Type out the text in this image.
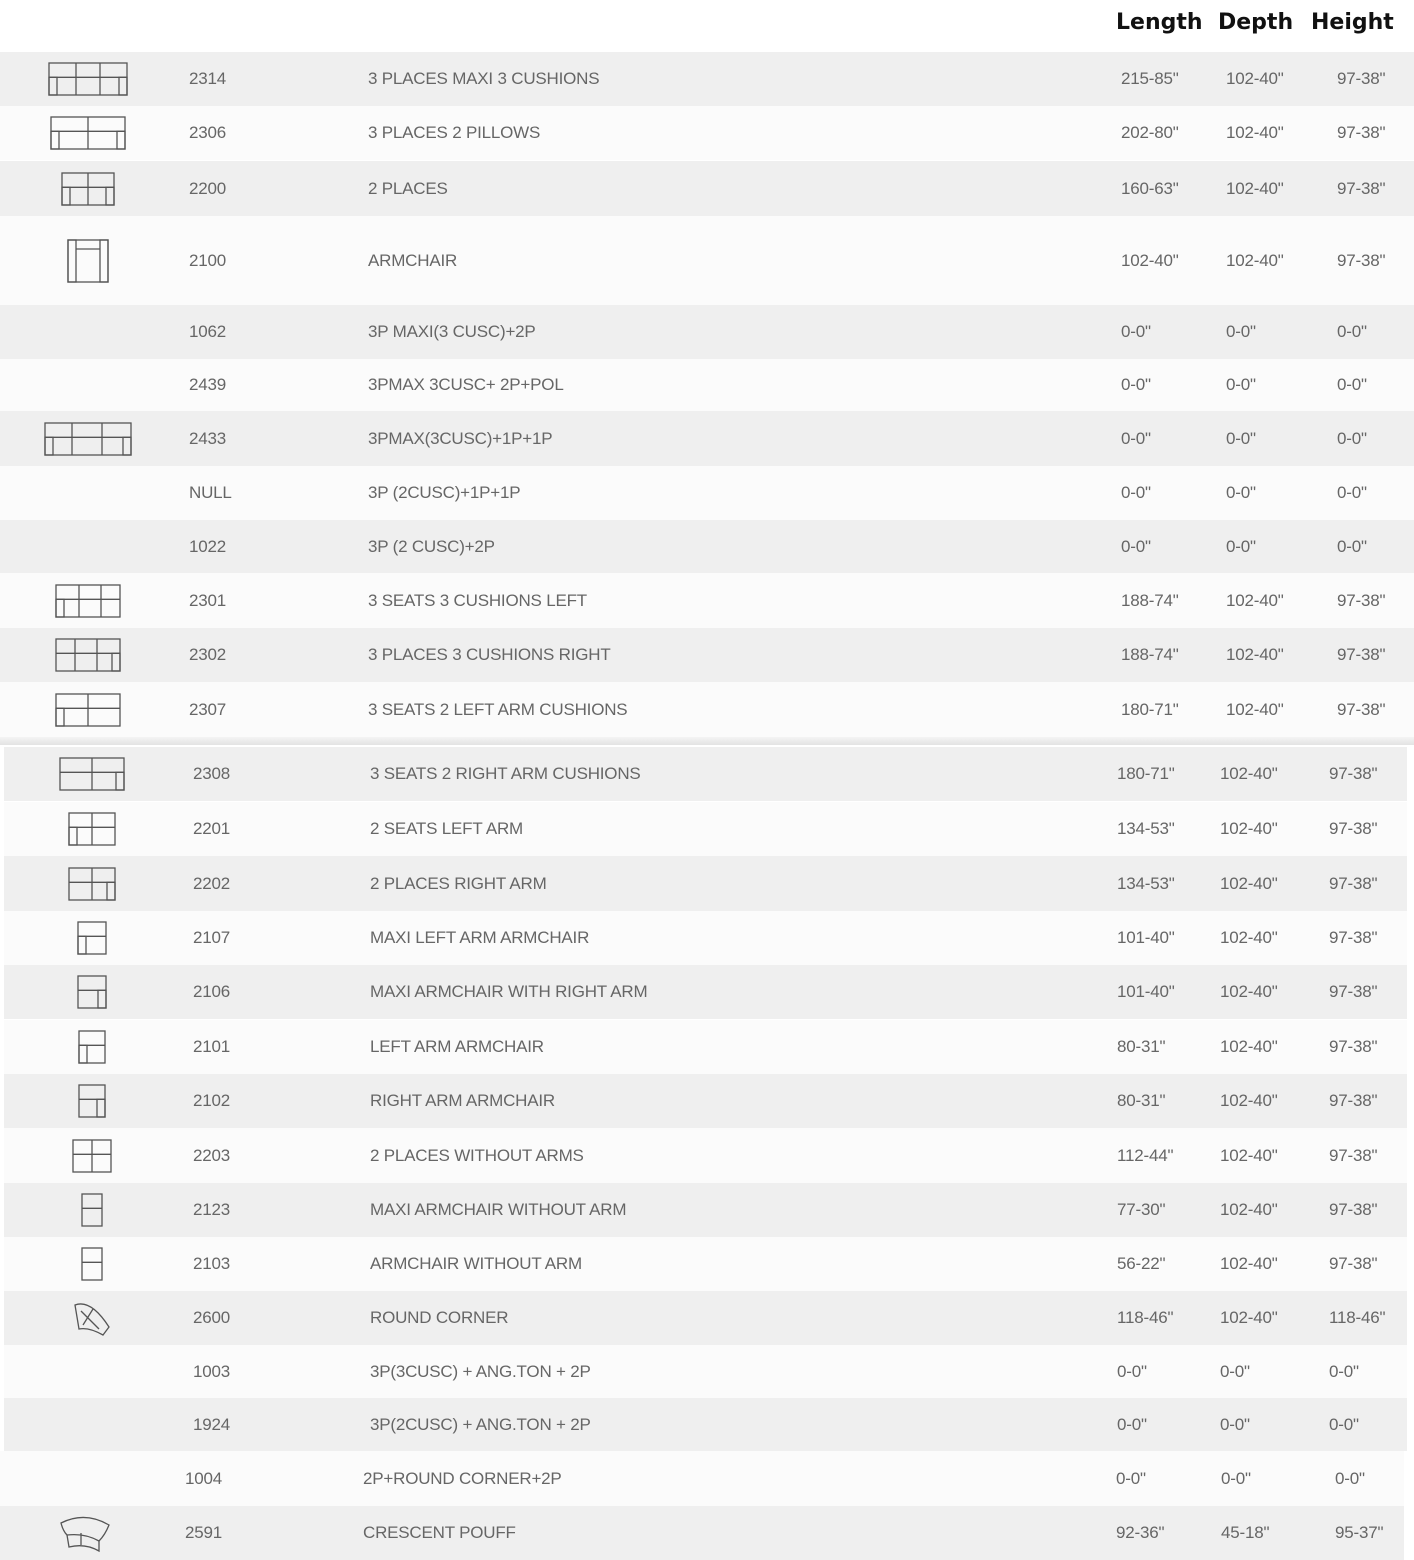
Length Depth Height
2314	3 PLACES MAXI 3 CUSHIONS	215-85"	102-40"	97-38"
2306	3 PLACES 2 PILLOWS	202-80"	102-40"	97-38"
2200	2 PLACES	160-63"	102-40"	97-38"
2100	ARMCHAIR	102-40"	102-40"	97-38"
1062	3P MAXI(3 CUSC)+2P	0-0"	0-0"	0-0"
2439	3PMAX 3CUSC+ 2P+POL	0-0"	0-0"	0-0"
2433	3PMAX(3CUSC)+1P+1P	0-0"	0-0"	0-0"
NULL	3P (2CUSC)+1P+1P	0-0"	0-0"	0-0"
1022	3P (2 CUSC)+2P	0-0"	0-0"	0-0"
2301	3 SEATS 3 CUSHIONS LEFT	188-74"	102-40"	97-38"
2302	3 PLACES 3 CUSHIONS RIGHT	188-74"	102-40"	97-38"
2307	3 SEATS 2 LEFT ARM CUSHIONS	180-71"	102-40"	97-38"
2308	3 SEATS 2 RIGHT ARM CUSHIONS	180-71"	102-40"	97-38"
2201	2 SEATS LEFT ARM	134-53"	102-40"	97-38"
2202	2 PLACES RIGHT ARM	134-53"	102-40"	97-38"
2107	MAXI LEFT ARM ARMCHAIR	101-40"	102-40"	97-38"
2106	MAXI ARMCHAIR WITH RIGHT ARM	101-40"	102-40"	97-38"
2101	LEFT ARM ARMCHAIR	80-31"	102-40"	97-38"
2102	RIGHT ARM ARMCHAIR	80-31"	102-40"	97-38"
2203	2 PLACES WITHOUT ARMS	112-44"	102-40"	97-38"
2123	MAXI ARMCHAIR WITHOUT ARM	77-30"	102-40"	97-38"
2103	ARMCHAIR WITHOUT ARM	56-22"	102-40"	97-38"
2600	ROUND CORNER	118-46"	102-40"	118-46"
1003	3P(3CUSC) + ANG.TON + 2P	0-0"	0-0"	0-0"
1924	3P(2CUSC) + ANG.TON + 2P	0-0"	0-0"	0-0"
1004	2P+ROUND CORNER+2P	0-0"	0-0"	0-0"
2591	CRESCENT POUFF	92-36"	45-18"	95-37"
